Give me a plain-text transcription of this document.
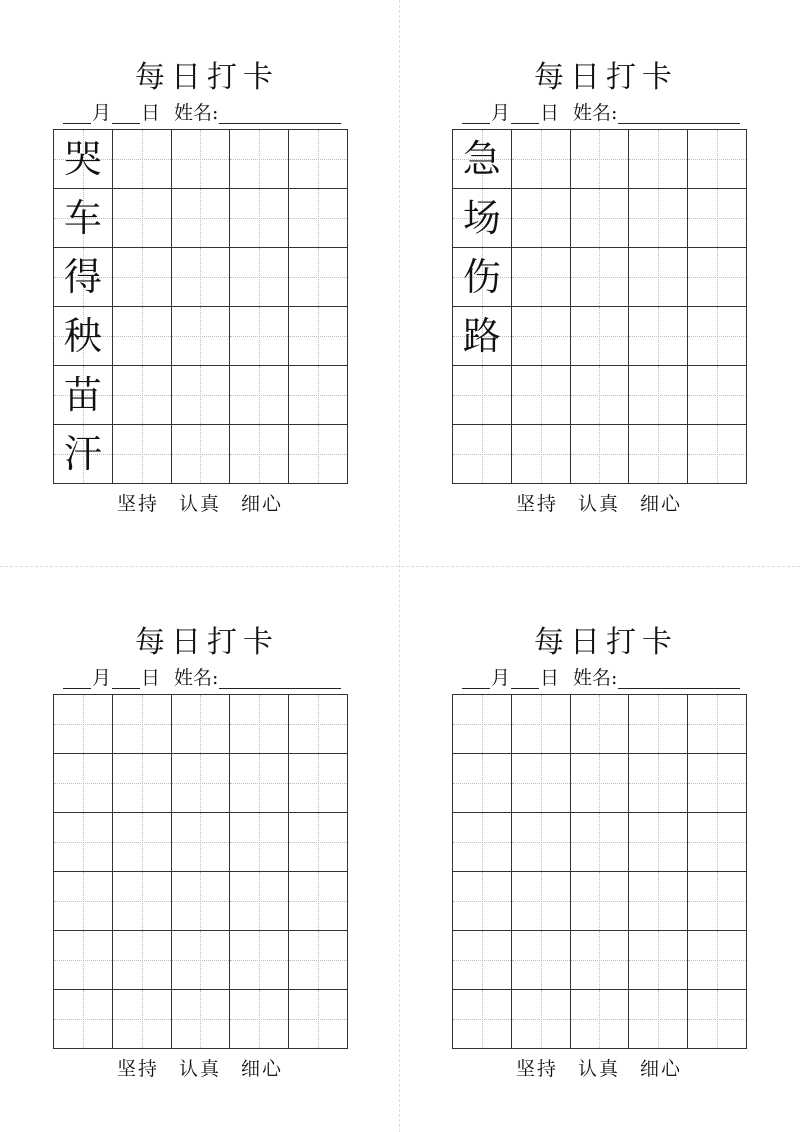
每日打卡
月 日 姓名:
哭
车
得
秧
苗
汗
坚持 认真 细心
每日打卡
月 日 姓名:
急
场
伤
路
坚持 认真 细心
每日打卡
月 日 姓名:
坚持 认真 细心
每日打卡
月 日 姓名:
坚持 认真 细心
